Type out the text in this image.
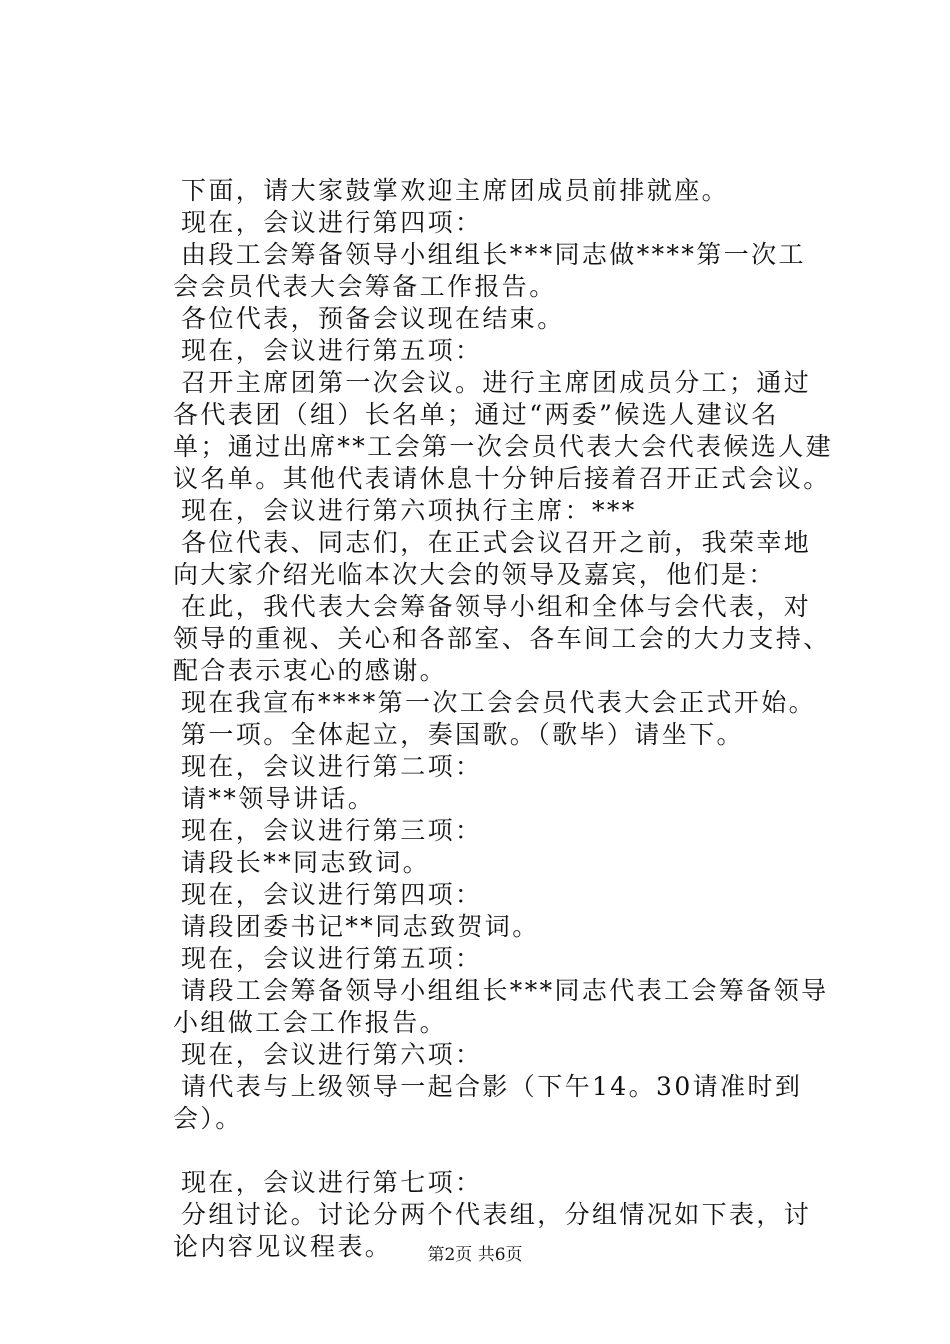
下面，请大家鼓掌欢迎主席团成员前排就座。

现在，会议进行第四项：

由段工会筹备领导小组组长***同志做****第一次工会会员代表大会筹备工作报告。

各位代表，预备会议现在结束。

现在，会议进行第五项：

召开主席团第一次会议。进行主席团成员分工；通过各代表团（组）长名单；通过“两委”候选人建议名单；通过出席**工会第一次会员代表大会代表候选人建议名单。其他代表请休息十分钟后接着召开正式会议。

现在，会议进行第六项执行主席：***

各位代表、同志们，在正式会议召开之前，我荣幸地向大家介绍光临本次大会的领导及嘉宾，他们是：

在此，我代表大会筹备领导小组和全体与会代表，对领导的重视、关心和各部室、各车间工会的大力支持、配合表示衷心的感谢。

现在我宣布****第一次工会会员代表大会正式开始。

第一项。全体起立，奏国歌。（歌毕）请坐下。

现在，会议进行第二项：

请**领导讲话。

现在，会议进行第三项：

请段长**同志致词。

现在，会议进行第四项：

请段团委书记**同志致贺词。

现在，会议进行第五项：

请段工会筹备领导小组组长***同志代表工会筹备领导小组做工会工作报告。

现在，会议进行第六项：

请代表与上级领导一起合影（下午14。30请准时到会）。

现在，会议进行第七项：

分组讨论。讨论分两个代表组，分组情况如下表，讨论内容见议程表。	第2页 共6页
